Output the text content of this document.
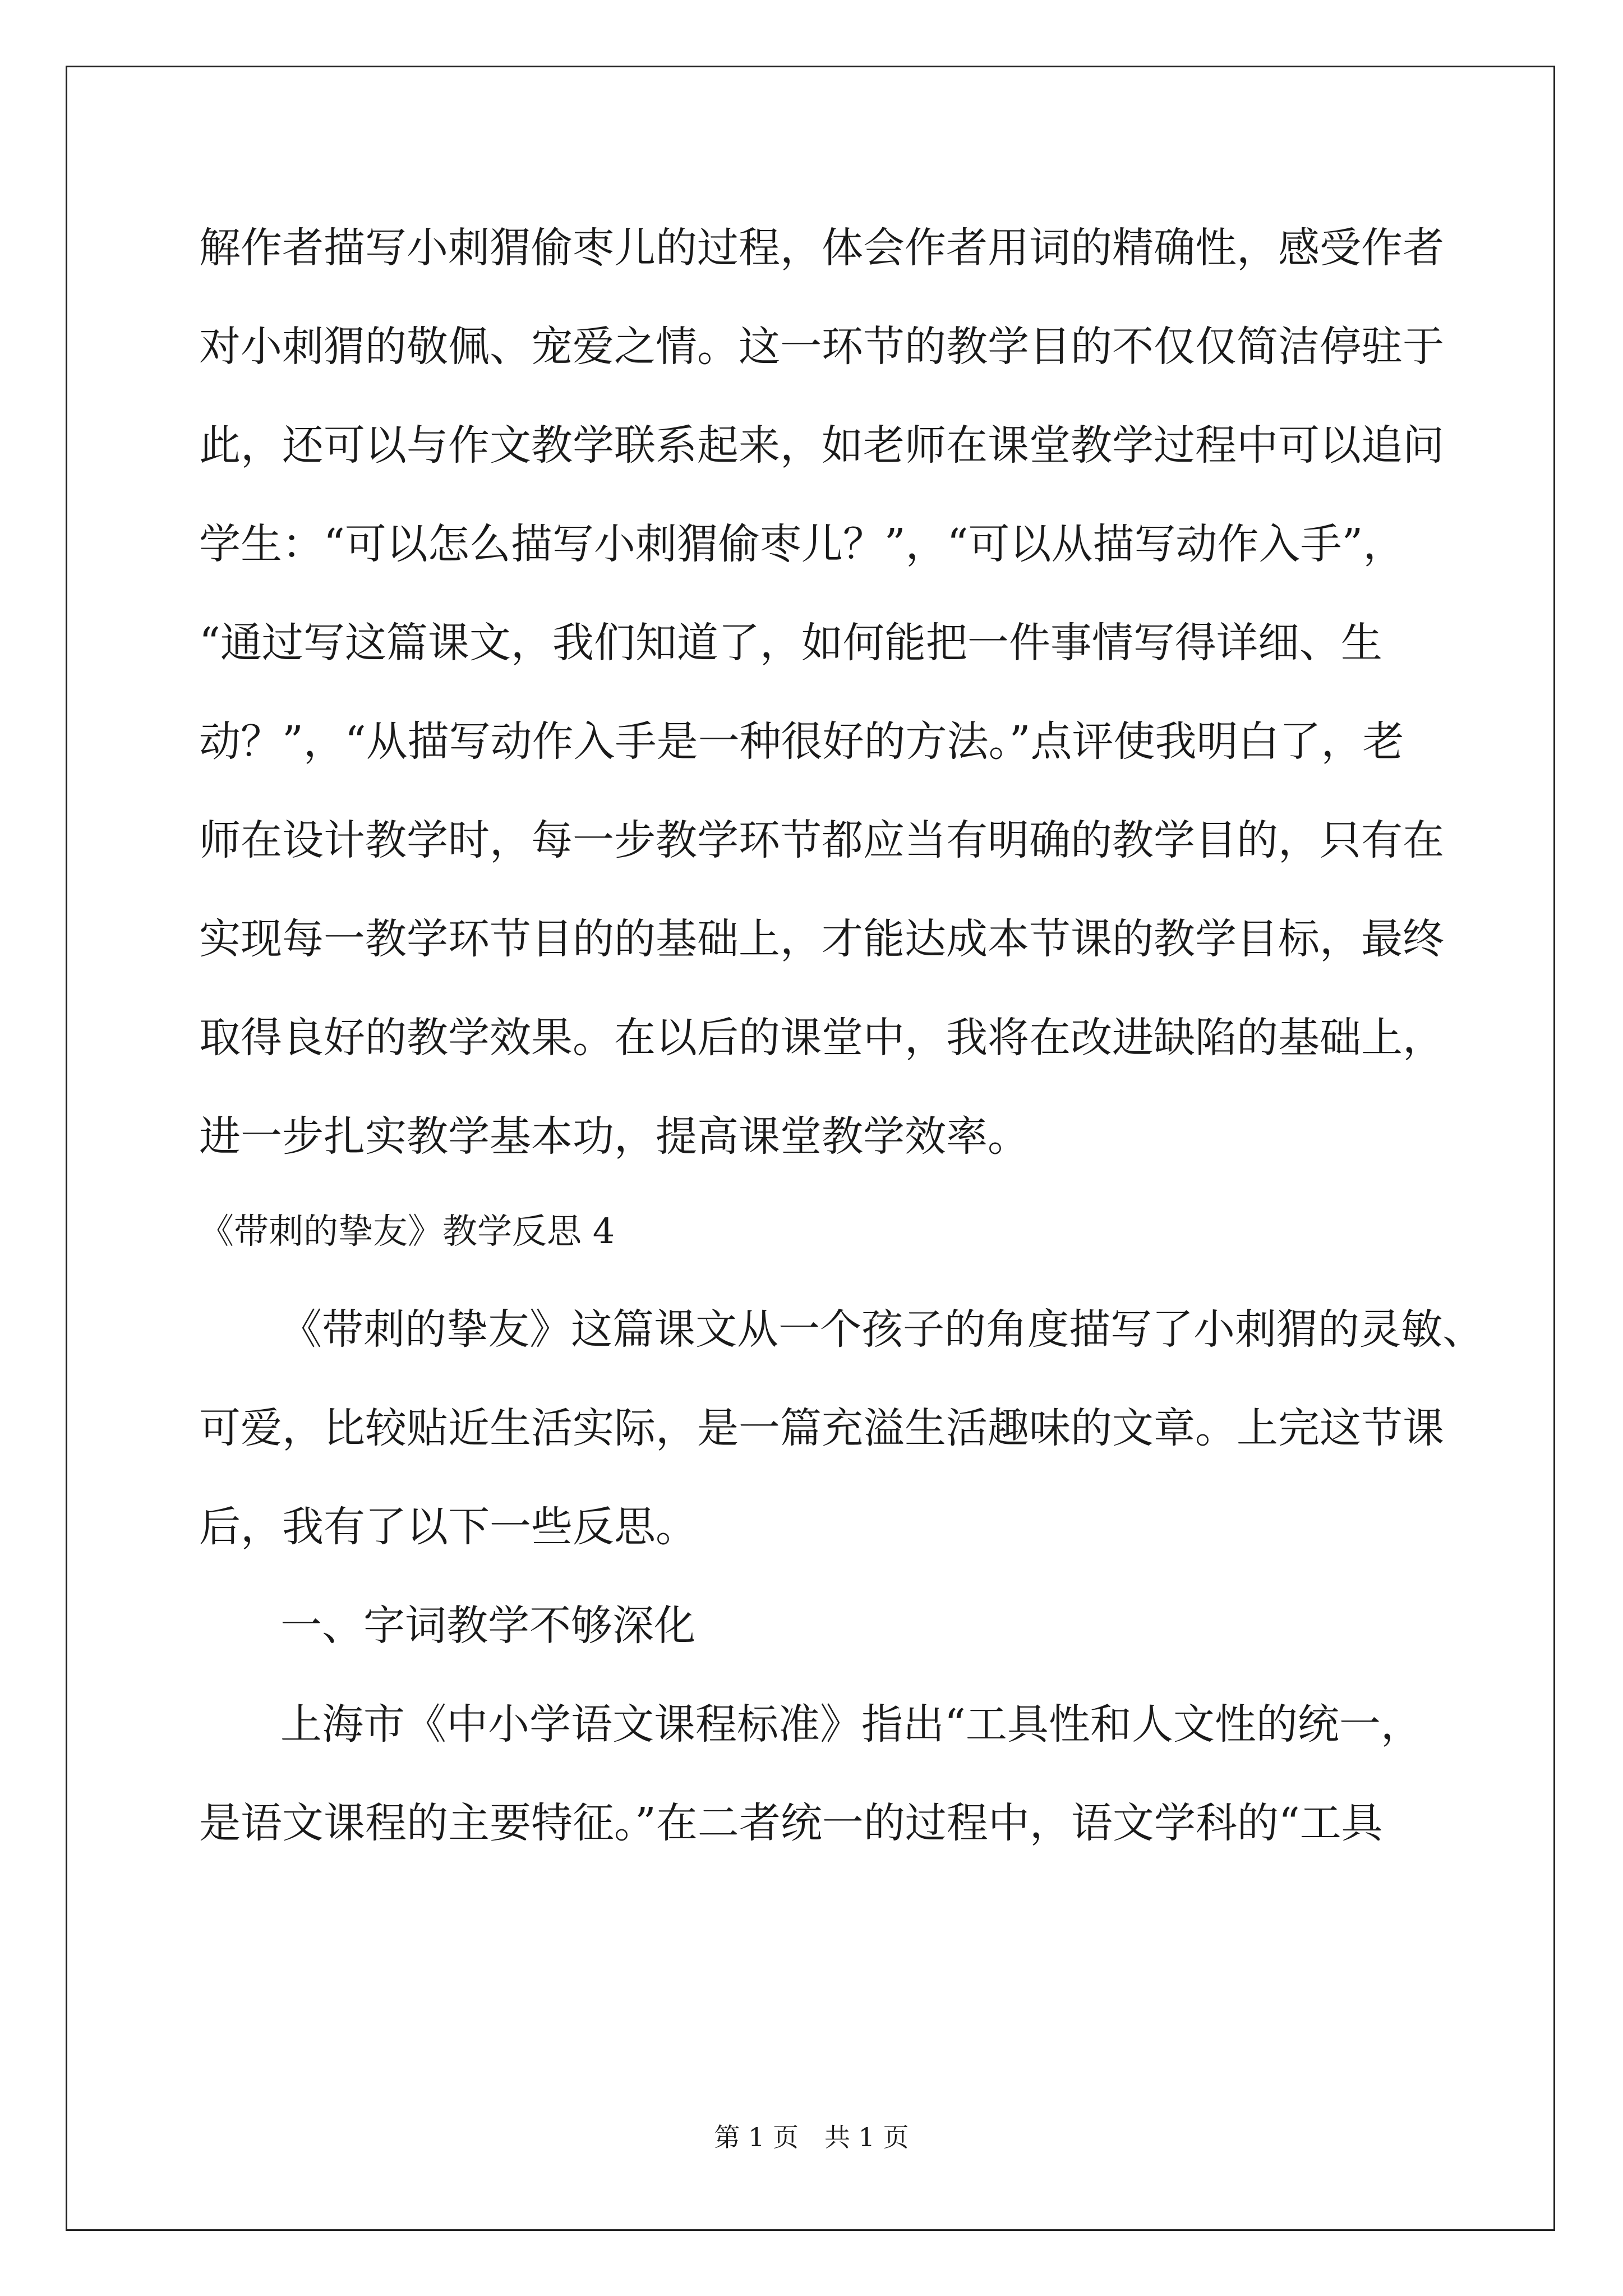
解作者描写小刺猬偷枣儿的过程，体会作者用词的精确性，感受作者
对小刺猬的敬佩、宠爱之情。这一环节的教学目的不仅仅简洁停驻于
此，还可以与作文教学联系起来，如老师在课堂教学过程中可以追问
学生：“可以怎么描写小刺猬偷枣儿？”，“可以从描写动作入手”，
“通过写这篇课文，我们知道了，如何能把一件事情写得详细、生
动？”，“从描写动作入手是一种很好的方法。”点评使我明白了，老
师在设计教学时，每一步教学环节都应当有明确的教学目的，只有在
实现每一教学环节目的的基础上，才能达成本节课的教学目标，最终
取得良好的教学效果。在以后的课堂中，我将在改进缺陷的基础上，
进一步扎实教学基本功，提高课堂教学效率。
《带刺的挚友》教学反思 4
《带刺的挚友》这篇课文从一个孩子的角度描写了小刺猬的灵敏、
可爱，比较贴近生活实际，是一篇充溢生活趣味的文章。上完这节课
后，我有了以下一些反思。
一、字词教学不够深化
上海市《中小学语文课程标准》指出“工具性和人文性的统一，
是语文课程的主要特征。”在二者统一的过程中，语文学科的“工具
第 1 页　共 1 页
